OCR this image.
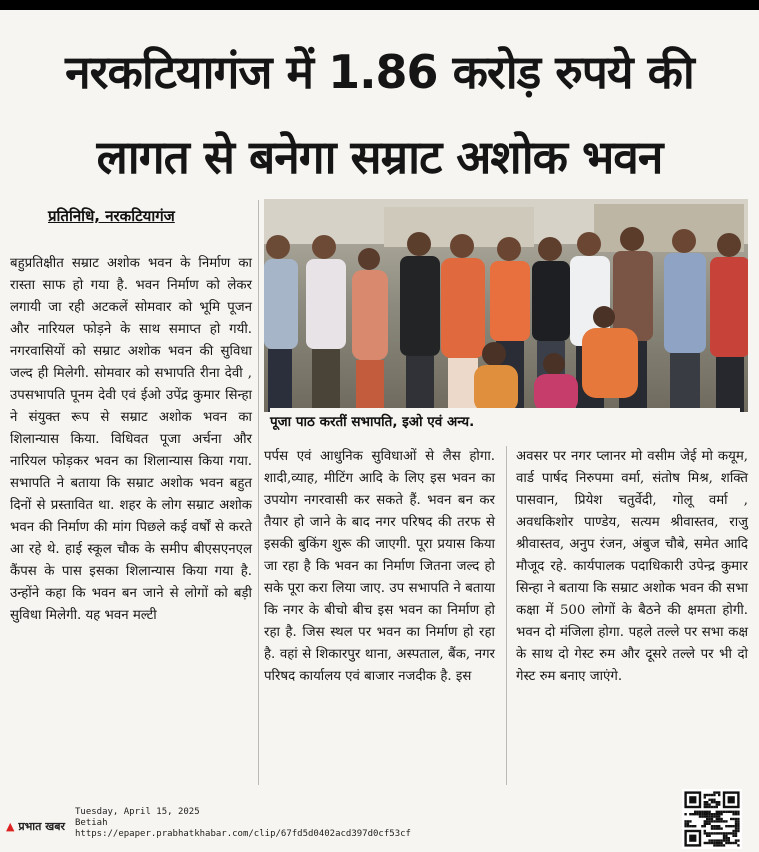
नरकटियागंज में 1.86 करोड़ रुपये की
लागत से बनेगा सम्राट अशोक भवन
प्रतिनिधि, नरकटियागंज
पूजा पाठ करतीं सभापति, इओ एवं अन्य.

बहुप्रतिक्षीत सम्राट अशोक भवन के निर्माण का रास्ता साफ हो गया है. भवन निर्माण को लेकर लगायी जा रही अटकलें सोमवार को भूमि पूजन और नारियल फोड़ने के साथ समाप्त हो गयी. नगरवासियों को सम्राट अशोक भवन की सुविधा जल्द ही मिलेगी. सोमवार को सभापति रीना देवी , उपसभापति पूनम देवी एवं ईओ उपेंद्र कुमार सिन्हा ने संयुक्त रूप से सम्राट अशोक भवन का शिलान्यास किया. विधिवत पूजा अर्चना और नारियल फोड़कर भवन का शिलान्यास किया गया. सभापति ने बताया कि सम्राट अशोक भवन बहुत दिनों से प्रस्तावित था. शहर के लोग सम्राट अशोक भवन की निर्माण की मांग पिछले कई वर्षों से करते आ रहे थे. हाई स्कूल चौक के समीप बीएसएनएल कैंपस के पास इसका शिलान्यास किया गया है. उन्होंने कहा कि भवन बन जाने से लोगों को बड़ी सुविधा मिलेगी. यह भवन मल्टी

पर्पस एवं आधुनिक सुविधाओं से लैस होगा. शादी,व्याह, मीटिंग आदि के लिए इस भवन का उपयोग नगरवासी कर सकते हैं. भवन बन कर तैयार हो जाने के बाद नगर परिषद की तरफ से इसकी बुकिंग शुरू की जाएगी. पूरा प्रयास किया जा रहा है कि भवन का निर्माण जितना जल्द हो सके पूरा करा लिया जाए. उप सभापति ने बताया कि नगर के बीचो बीच इस भवन का निर्माण हो रहा है. जिस स्थल पर भवन का निर्माण हो रहा है. वहां से शिकारपुर थाना, अस्पताल, बैंक, नगर परिषद कार्यालय एवं बाजार नजदीक है. इस

अवसर पर नगर प्लानर मो वसीम जेई मो कयूम, वार्ड पार्षद निरुपमा वर्मा, संतोष मिश्र, शक्ति पासवान, प्रियेश चतुर्वेदी, गोलू वर्मा , अवधकिशोर पाण्डेय, सत्यम श्रीवास्तव, राजु श्रीवास्तव, अनुप रंजन, अंबुज चौबे, समेत आदि मौजूद रहे. कार्यपालक पदाधिकारी उपेन्द्र कुमार सिन्हा ने बताया कि सम्राट अशोक भवन की सभा कक्षा में 500 लोगों के बैठने की क्षमता होगी. भवन दो मंजिला होगा. पहले तल्ले पर सभा कक्ष के साथ दो गेस्ट रुम और दूसरे तल्ले पर भी दो गेस्ट रुम बनाए जाएंगे.

▲ प्रभात खबर
Tuesday, April 15, 2025
Betiah
https://epaper.prabhatkhabar.com/clip/67fd5d0402acd397d0cf53cf
